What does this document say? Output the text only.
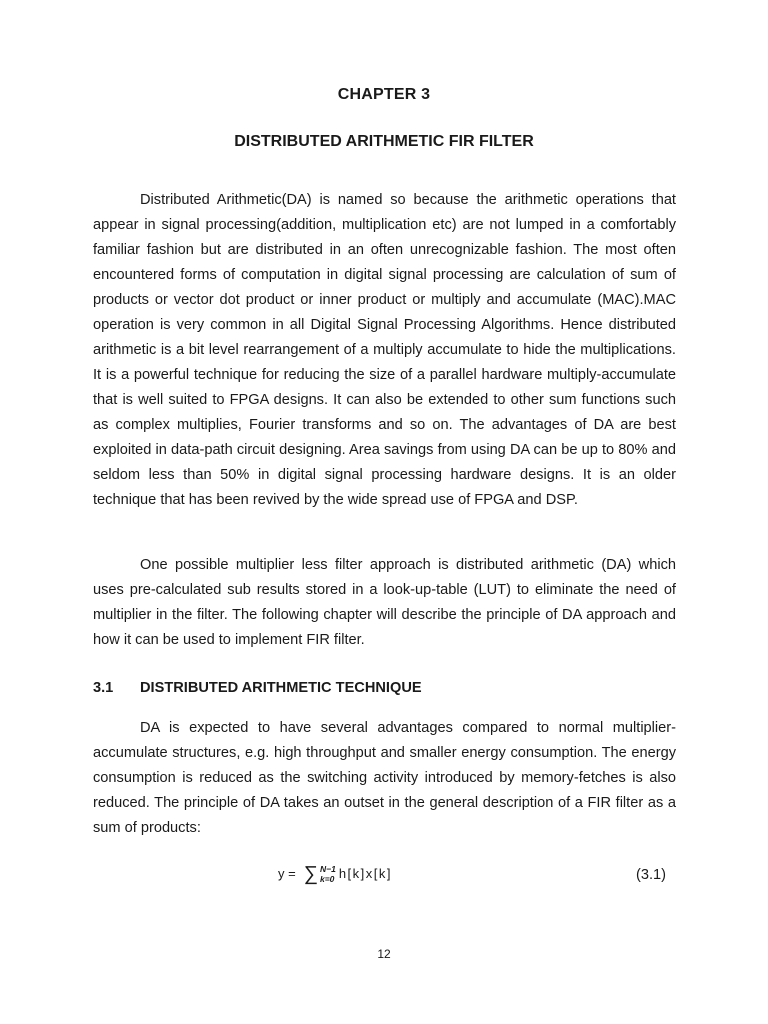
CHAPTER 3
DISTRIBUTED ARITHMETIC FIR FILTER

Distributed Arithmetic(DA) is named so because the arithmetic operations that appear in signal processing(addition, multiplication etc) are not lumped in a comfortably familiar fashion but are distributed in an often unrecognizable fashion. The most often encountered forms of computation in digital signal processing are calculation of sum of products or vector dot product or inner product or multiply and accumulate (MAC).MAC operation is very common in all Digital Signal Processing Algorithms. Hence distributed arithmetic is a bit level rearrangement of a multiply accumulate to hide the multiplications. It is a powerful technique for reducing the size of a parallel hardware multiply-accumulate that is well suited to FPGA designs. It can also be extended to other sum functions such as complex multiplies, Fourier transforms and so on. The advantages of DA are best exploited in data-path circuit designing. Area savings from using DA can be up to 80% and seldom less than 50% in digital signal processing hardware designs. It is an older technique that has been revived by the wide spread use of FPGA and DSP.

One possible multiplier less filter approach is distributed arithmetic (DA) which uses pre-calculated sub results stored in a look-up-table (LUT) to eliminate the need of multiplier in the filter. The following chapter will describe the principle of DA approach and how it can be used to implement FIR filter.

3.1 DISTRIBUTED ARITHMETIC TECHNIQUE

DA is expected to have several advantages compared to normal multiplier-accumulate structures, e.g. high throughput and smaller energy consumption. The energy consumption is reduced as the switching activity introduced by memory-fetches is also reduced. The principle of DA takes an outset in the general description of a FIR filter as a sum of products:

y = ∑ N−1
k=0 h[k]x[k]	(3.1)
12
